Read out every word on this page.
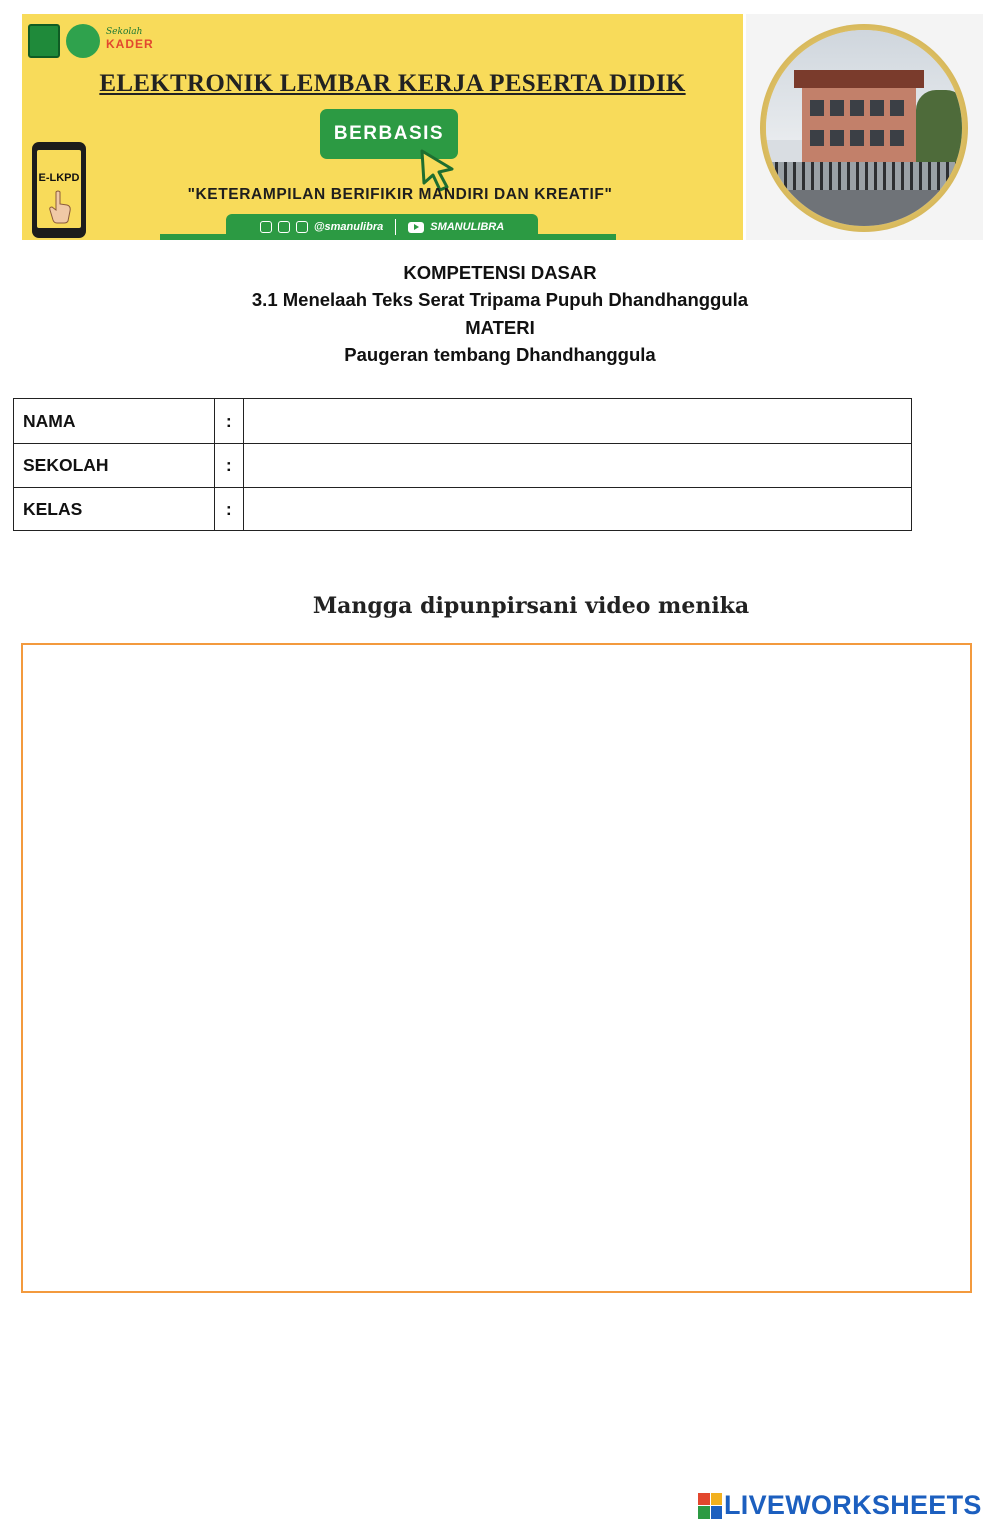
Sekolah
KADER
ELEKTRONIK LEMBAR KERJA PESERTA DIDIK
BERBASIS
E-LKPD
"KETERAMPILAN BERIFIKIR MANDIRI DAN KREATIF"
@smanulibra	SMANULIBRA
KOMPETENSI DASAR
3.1 Menelaah Teks Serat Tripama Pupuh Dhandhanggula
MATERI
Paugeran tembang Dhandhanggula
NAMA	:	
SEKOLAH	:	
KELAS	:	
Mangga dipunpirsani video menika
LIVEWORKSHEETS
